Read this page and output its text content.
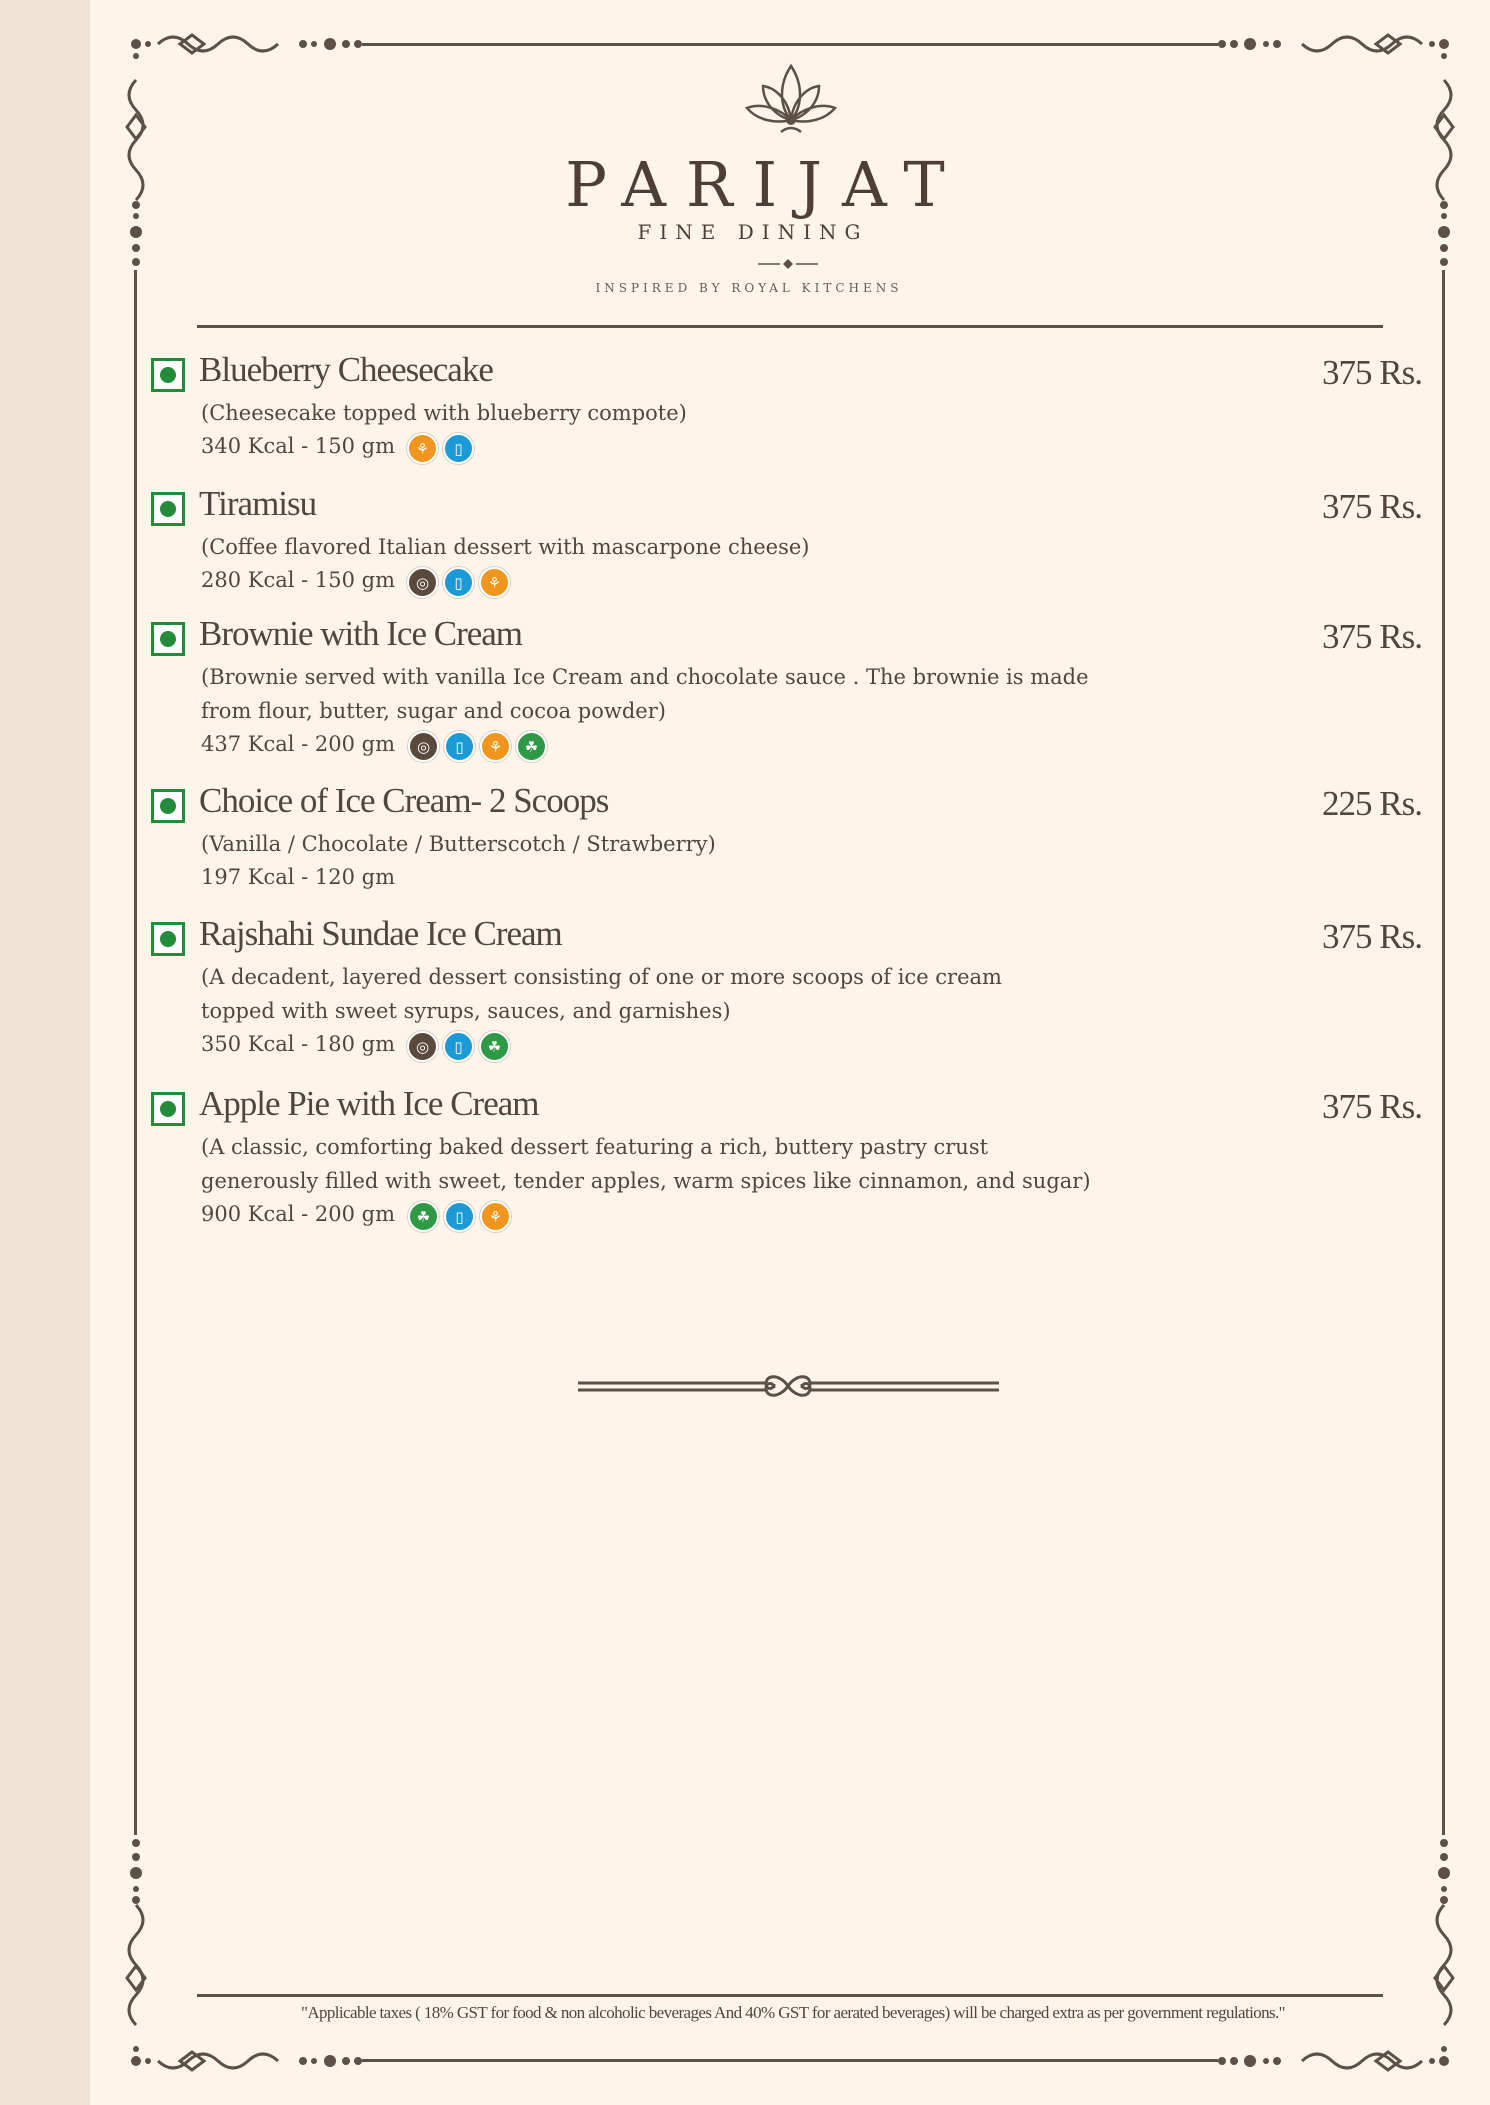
PARIJAT
FINE DINING
INSPIRED BY ROYAL KITCHENS
Blueberry Cheesecake	375 Rs.
(Cheesecake topped with blueberry compote)
340 Kcal - 150 gm	⚘	▯
Tiramisu	375 Rs.
(Coffee flavored Italian dessert with mascarpone cheese)
280 Kcal - 150 gm	◎	▯	⚘
Brownie with Ice Cream	375 Rs.
(Brownie served with vanilla Ice Cream and chocolate sauce . The brownie is made
from flour, butter, sugar and cocoa powder)
437 Kcal - 200 gm	◎	▯	⚘	☘
Choice of Ice Cream- 2 Scoops	225 Rs.
(Vanilla / Chocolate / Butterscotch / Strawberry)
197 Kcal - 120 gm
Rajshahi Sundae Ice Cream	375 Rs.
(A decadent, layered dessert consisting of one or more scoops of ice cream
topped with sweet syrups, sauces, and garnishes)
350 Kcal - 180 gm	◎	▯	☘
Apple Pie with Ice Cream	375 Rs.
(A classic, comforting baked dessert featuring a rich, buttery pastry crust
generously filled with sweet, tender apples, warm spices like cinnamon, and sugar)
900 Kcal - 200 gm	☘	▯	⚘
"Applicable taxes ( 18% GST for food & non alcoholic beverages And 40% GST for aerated beverages) will be charged extra as per government regulations."
